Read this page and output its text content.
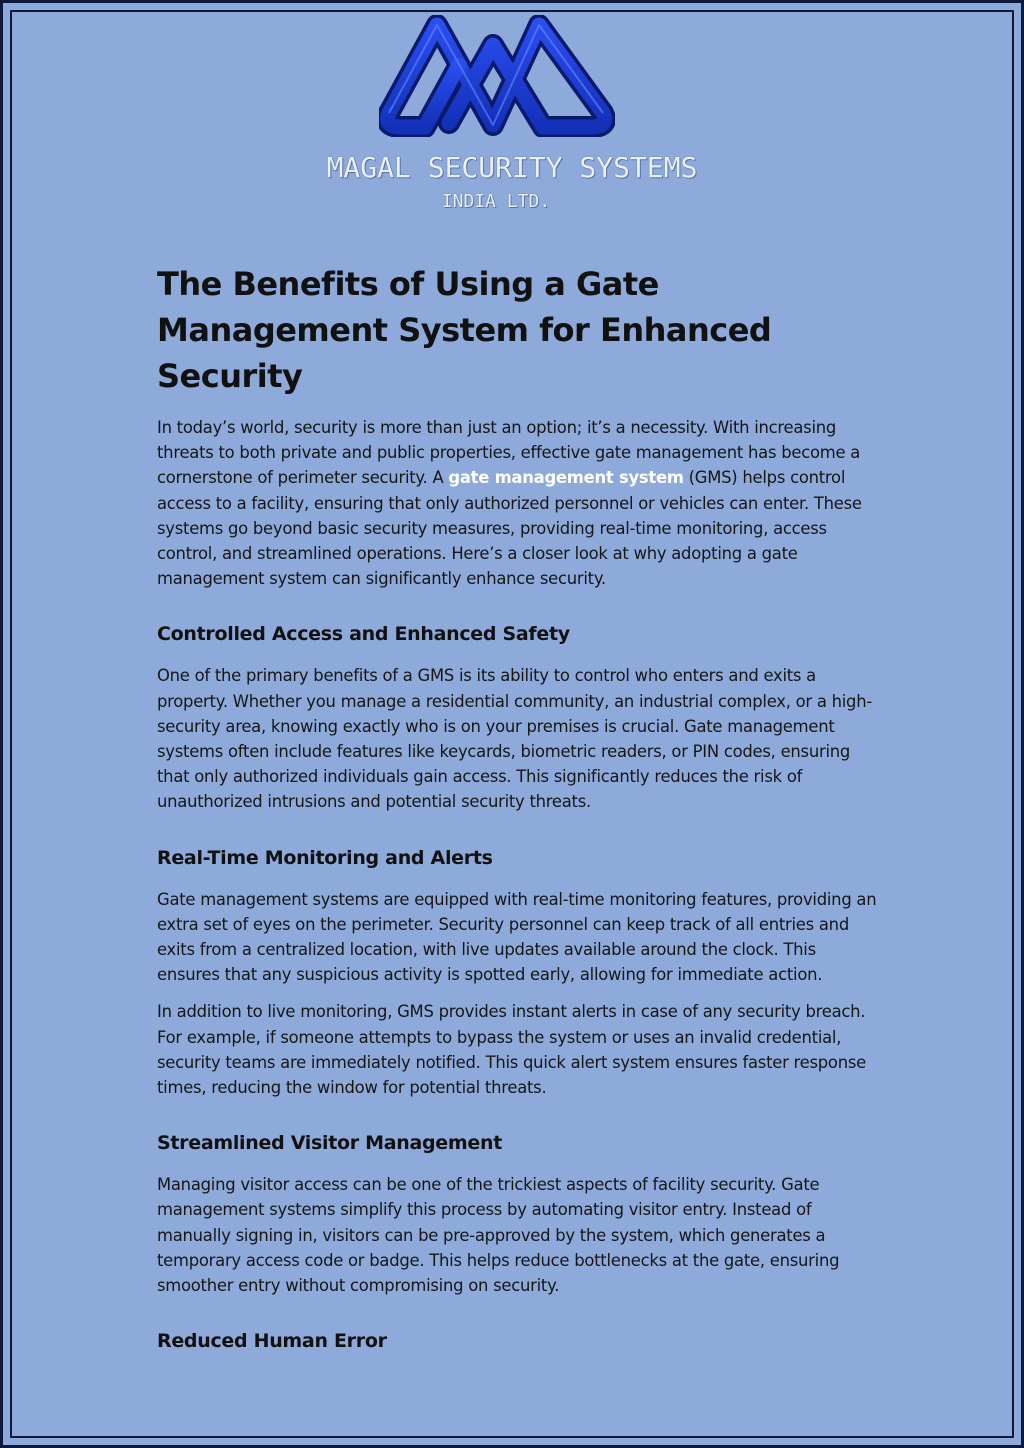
MAGAL SECURITY SYSTEMS
INDIA LTD.
The Benefits of Using a Gate Management System for Enhanced Security

In today’s world, security is more than just an option; it’s a necessity. With increasing threats to both private and public properties, effective gate management has become a cornerstone of perimeter security. A gate management system (GMS) helps control access to a facility, ensuring that only authorized personnel or vehicles can enter. These systems go beyond basic security measures, providing real-time monitoring, access control, and streamlined operations. Here’s a closer look at why adopting a gate management system can significantly enhance security.

Controlled Access and Enhanced Safety

One of the primary benefits of a GMS is its ability to control who enters and exits a property. Whether you manage a residential community, an industrial complex, or a high-security area, knowing exactly who is on your premises is crucial. Gate management systems often include features like keycards, biometric readers, or PIN codes, ensuring that only authorized individuals gain access. This significantly reduces the risk of unauthorized intrusions and potential security threats.

Real-Time Monitoring and Alerts

Gate management systems are equipped with real-time monitoring features, providing an extra set of eyes on the perimeter. Security personnel can keep track of all entries and exits from a centralized location, with live updates available around the clock. This ensures that any suspicious activity is spotted early, allowing for immediate action.

In addition to live monitoring, GMS provides instant alerts in case of any security breach. For example, if someone attempts to bypass the system or uses an invalid credential, security teams are immediately notified. This quick alert system ensures faster response times, reducing the window for potential threats.

Streamlined Visitor Management

Managing visitor access can be one of the trickiest aspects of facility security. Gate management systems simplify this process by automating visitor entry. Instead of manually signing in, visitors can be pre-approved by the system, which generates a temporary access code or badge. This helps reduce bottlenecks at the gate, ensuring smoother entry without compromising on security.

Reduced Human Error
